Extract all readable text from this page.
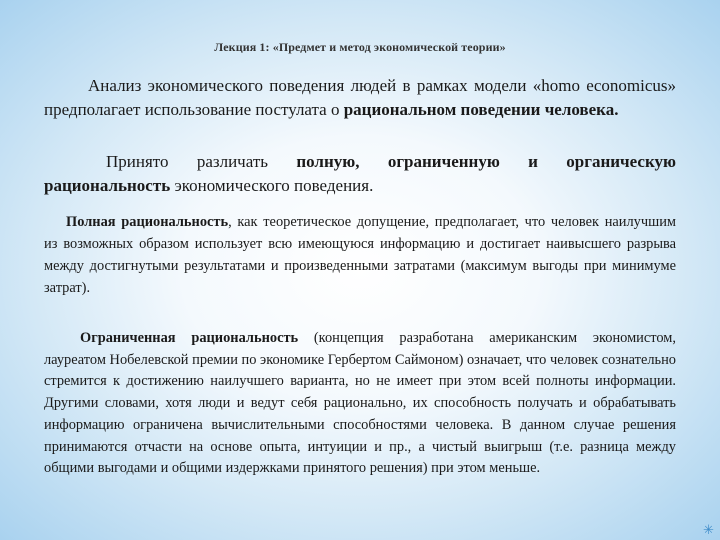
Лекция 1: «Предмет и метод экономической теории»

Анализ экономического поведения людей в рамках модели «homo economicus» предполагает использование постулата о рациональном поведении человека.

Принято различать полную, ограниченную и органическую рациональность экономического поведения.

Полная рациональность, как теоретическое допущение, предполагает, что человек наилучшим из возможных образом использует всю имеющуюся информацию и достигает наивысшего разрыва между достигнутыми результатами и произведенными затратами (максимум выгоды при минимуме затрат).

Ограниченная рациональность (концепция разработана американским экономистом, лауреатом Нобелевской премии по экономике Гербертом Саймоном) означает, что человек сознательно стремится к достижению наилучшего варианта, но не имеет при этом всей полноты информации. Другими словами, хотя люди и ведут себя рационально, их способность получать и обрабатывать информацию ограничена вычислительными способностями человека. В данном случае решения принимаются отчасти на основе опыта, интуиции и пр., а чистый выигрыш (т.е. разница между общими выгодами и общими издержками принятого решения) при этом меньше.

✳
